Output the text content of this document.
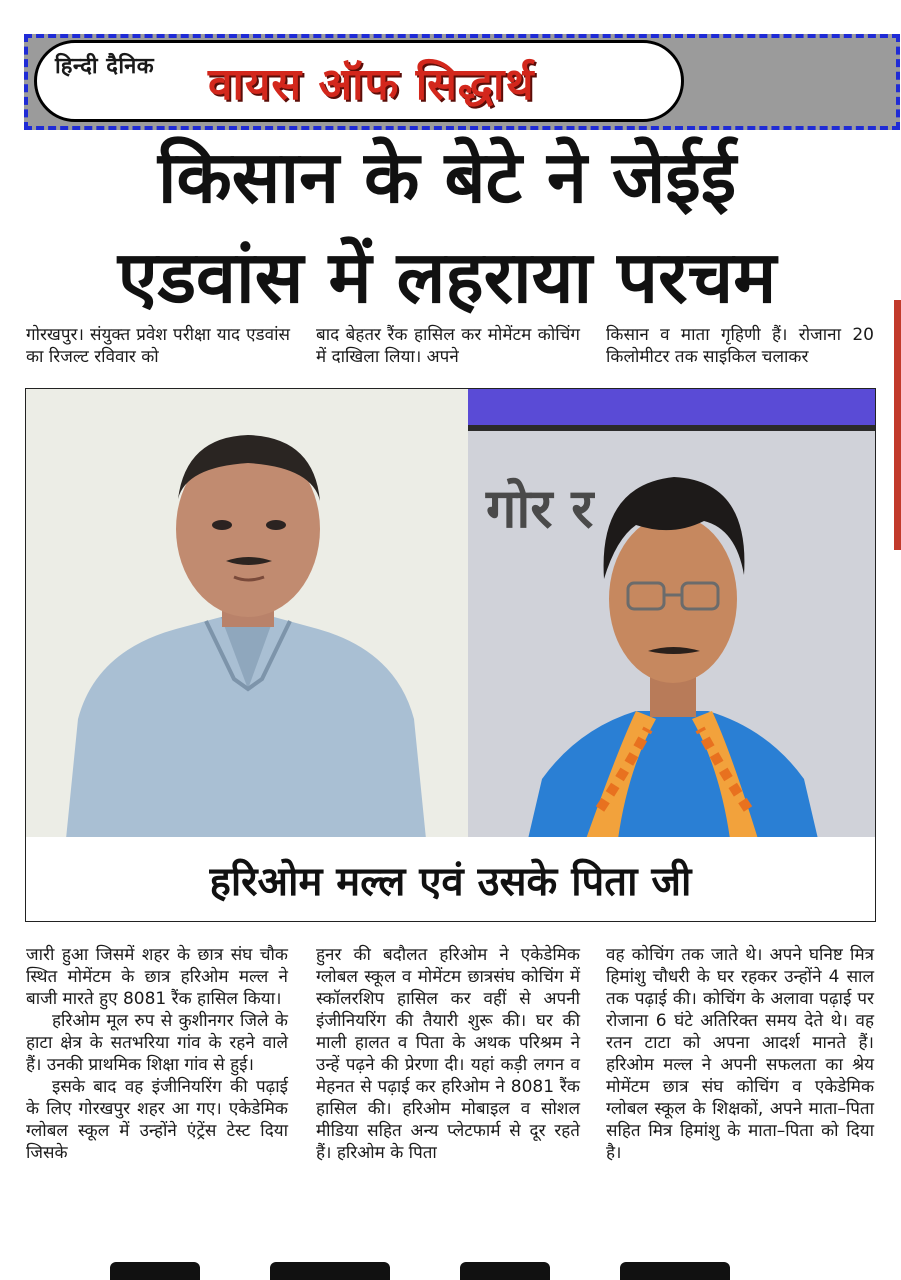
हिन्दी दैनिक वायस ऑफ सिद्धार्थ
किसान के बेटे ने जेईई
एडवांस में लहराया परचम

गोरखपुर। संयुक्त प्रवेश परीक्षा याद एडवांस का रिजल्ट रविवार को

बाद बेहतर रैंक हासिल कर मोमेंटम कोचिंग में दाखिला लिया। अपने

किसान व माता गृहिणी हैं। रोजाना 20 किलोमीटर तक साइकिल चलाकर

गोर र
हरिओम मल्ल एवं उसके पिता जी

जारी हुआ जिसमें शहर के छात्र संघ चौक स्थित मोमेंटम के छात्र हरिओम मल्ल ने बाजी मारते हुए 8081 रैंक हासिल किया।

हरिओम मूल रुप से कुशीनगर जिले के हाटा क्षेत्र के सतभरिया गांव के रहने वाले हैं। उनकी प्राथमिक शिक्षा गांव से हुई।

इसके बाद वह इंजीनियरिंग की पढ़ाई के लिए गोरखपुर शहर आ गए। एकेडेमिक ग्लोबल स्कूल में उन्होंने एंट्रेंस टेस्ट दिया जिसके

हुनर की बदौलत हरिओम ने एकेडेमिक ग्लोबल स्कूल व मोमेंटम छात्रसंघ कोचिंग में स्कॉलरशिप हासिल कर वहीं से अपनी इंजीनियरिंग की तैयारी शुरू की। घर की माली हालत व पिता के अथक परिश्रम ने उन्हें पढ़ने की प्रेरणा दी। यहां कड़ी लगन व मेहनत से पढ़ाई कर हरिओम ने 8081 रैंक हासिल की। हरिओम मोबाइल व सोशल मीडिया सहित अन्य प्लेटफार्म से दूर रहते हैं। हरिओम के पिता

वह कोचिंग तक जाते थे। अपने घनिष्ट मित्र हिमांशु चौधरी के घर रहकर उन्होंने 4 साल तक पढ़ाई की। कोचिंग के अलावा पढ़ाई पर रोजाना 6 घंटे अतिरिक्त समय देते थे। वह रतन टाटा को अपना आदर्श मानते हैं। हरिओम मल्ल ने अपनी सफलता का श्रेय मोमेंटम छात्र संघ कोचिंग व एकेडेमिक ग्लोबल स्कूल के शिक्षकों, अपने माता–पिता सहित मित्र हिमांशु के माता–पिता को दिया है।
